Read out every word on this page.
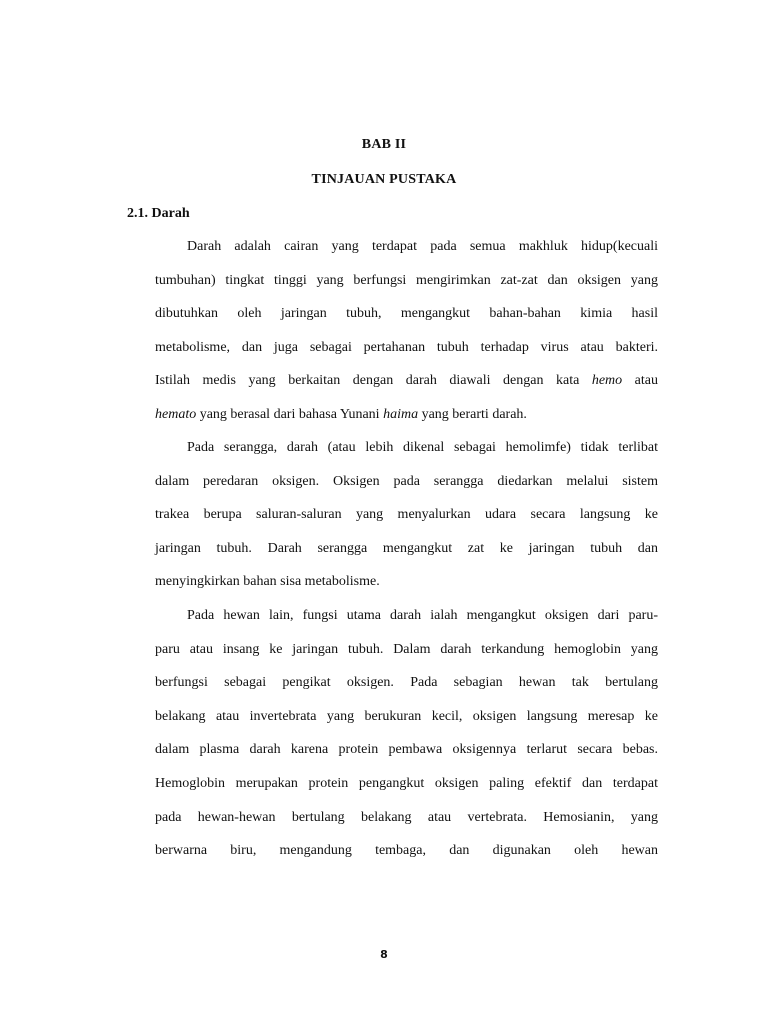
BAB II
TINJAUAN PUSTAKA
2.1. Darah
Darah adalah cairan yang terdapat pada semua makhluk hidup(kecuali
tumbuhan) tingkat tinggi yang berfungsi mengirimkan zat-zat dan oksigen yang
dibutuhkan oleh jaringan tubuh, mengangkut bahan-bahan kimia hasil
metabolisme, dan juga sebagai pertahanan tubuh terhadap virus atau bakteri.
Istilah medis yang berkaitan dengan darah diawali dengan kata hemo atau
hemato yang berasal dari bahasa Yunani haima yang berarti darah.
Pada serangga, darah (atau lebih dikenal sebagai hemolimfe) tidak terlibat
dalam peredaran oksigen. Oksigen pada serangga diedarkan melalui sistem
trakea berupa saluran-saluran yang menyalurkan udara secara langsung ke
jaringan tubuh. Darah serangga mengangkut zat ke jaringan tubuh dan
menyingkirkan bahan sisa metabolisme.
Pada hewan lain, fungsi utama darah ialah mengangkut oksigen dari paru-
paru atau insang ke jaringan tubuh. Dalam darah terkandung hemoglobin yang
berfungsi sebagai pengikat oksigen. Pada sebagian hewan tak bertulang
belakang atau invertebrata yang berukuran kecil, oksigen langsung meresap ke
dalam plasma darah karena protein pembawa oksigennya terlarut secara bebas.
Hemoglobin merupakan protein pengangkut oksigen paling efektif dan terdapat
pada hewan-hewan bertulang belakang atau vertebrata. Hemosianin, yang
berwarna biru, mengandung tembaga, dan digunakan oleh hewan
8
